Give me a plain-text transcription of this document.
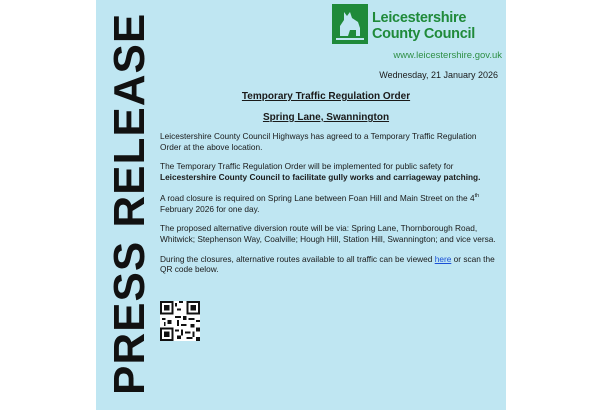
PRESS RELEASE	Leicestershire
County Council
www.leicestershire.gov.uk
Wednesday, 21 January 2026
Temporary Traffic Regulation Order
Spring Lane, Swannington

Leicestershire County Council Highways has agreed to a Temporary Traffic Regulation Order at the above location.

The Temporary Traffic Regulation Order will be implemented for public safety for Leicestershire County Council to facilitate gully works and carriageway patching.

A road closure is required on Spring Lane between Foan Hill and Main Street on the 4th February 2026 for one day.

The proposed alternative diversion route will be via: Spring Lane, Thornborough Road, Whitwick; Stephenson Way, Coalville; Hough Hill, Station Hill, Swannington; and vice versa.

During the closures, alternative routes available to all traffic can be viewed here or scan the QR code below.
